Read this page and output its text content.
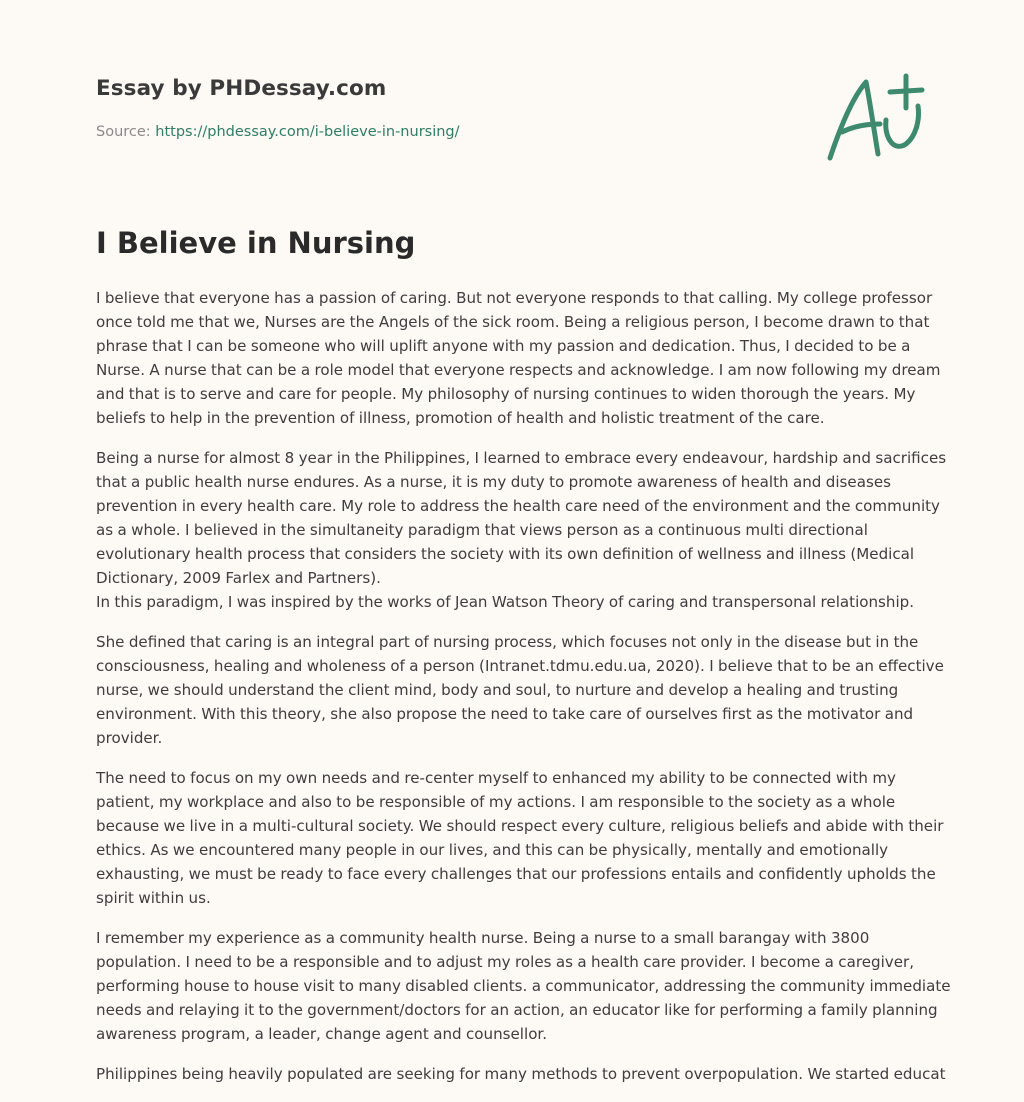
Essay by PHDessay.com
Source: https://phdessay.com/i-believe-in-nursing/
I Believe in Nursing

I believe that everyone has a passion of caring. But not everyone responds to that calling. My college professor
once told me that we, Nurses are the Angels of the sick room. Being a religious person, I become drawn to that
phrase that I can be someone who will uplift anyone with my passion and dedication. Thus, I decided to be a
Nurse. A nurse that can be a role model that everyone respects and acknowledge. I am now following my dream
and that is to serve and care for people. My philosophy of nursing continues to widen thorough the years. My
beliefs to help in the prevention of illness, promotion of health and holistic treatment of the care.

Being a nurse for almost 8 year in the Philippines, I learned to embrace every endeavour, hardship and sacrifices
that a public health nurse endures. As a nurse, it is my duty to promote awareness of health and diseases
prevention in every health care. My role to address the health care need of the environment and the community
as a whole. I believed in the simultaneity paradigm that views person as a continuous multi directional
evolutionary health process that considers the society with its own definition of wellness and illness (Medical
Dictionary, 2009 Farlex and Partners).
In this paradigm, I was inspired by the works of Jean Watson Theory of caring and transpersonal relationship.

She defined that caring is an integral part of nursing process, which focuses not only in the disease but in the
consciousness, healing and wholeness of a person (Intranet.tdmu.edu.ua, 2020). I believe that to be an effective
nurse, we should understand the client mind, body and soul, to nurture and develop a healing and trusting
environment. With this theory, she also propose the need to take care of ourselves first as the motivator and
provider.

The need to focus on my own needs and re-center myself to enhanced my ability to be connected with my
patient, my workplace and also to be responsible of my actions. I am responsible to the society as a whole
because we live in a multi-cultural society. We should respect every culture, religious beliefs and abide with their
ethics. As we encountered many people in our lives, and this can be physically, mentally and emotionally
exhausting, we must be ready to face every challenges that our professions entails and confidently upholds the
spirit within us.

I remember my experience as a community health nurse. Being a nurse to a small barangay with 3800
population. I need to be a responsible and to adjust my roles as a health care provider. I become a caregiver,
performing house to house visit to many disabled clients. a communicator, addressing the community immediate
needs and relaying it to the government/doctors for an action, an educator like for performing a family planning
awareness program, a leader, change agent and counsellor.

Philippines being heavily populated are seeking for many methods to prevent overpopulation. We started educat
